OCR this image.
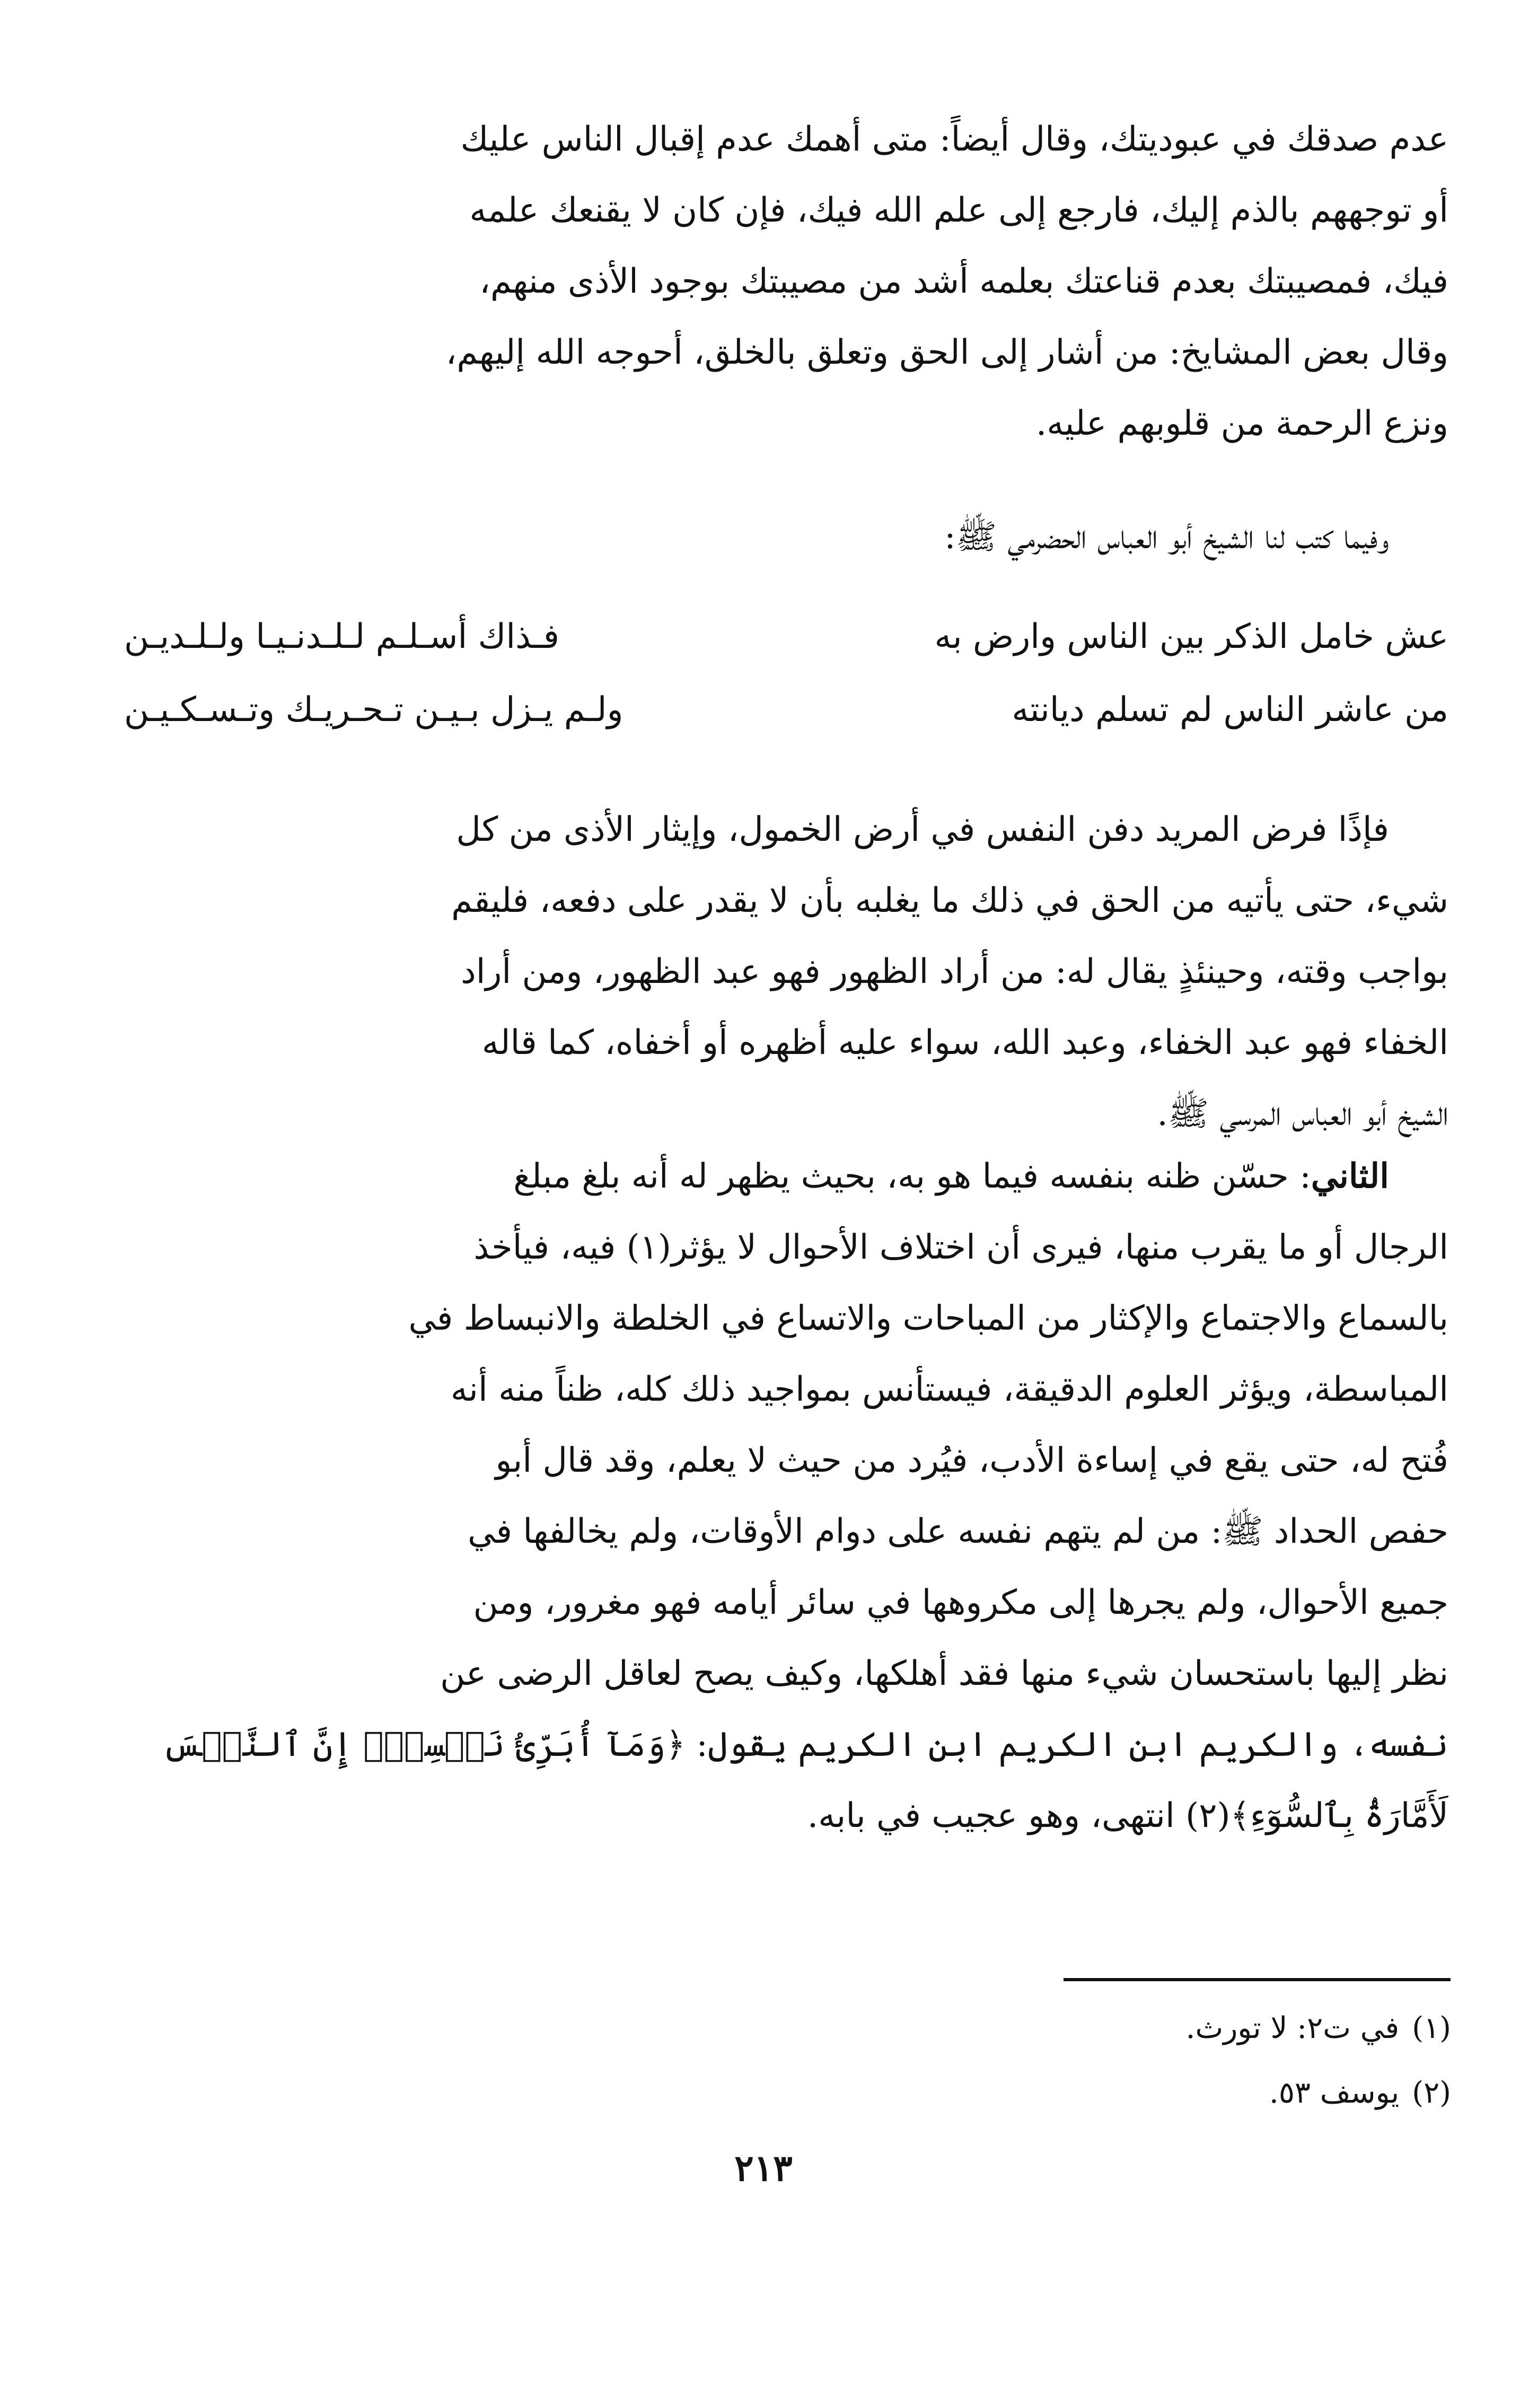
عدم صدقك في عبوديتك، وقال أيضاً: متى أهمك عدم إقبال الناس عليك

أو توجههم بالذم إليك، فارجع إلى علم الله فيك، فإن كان لا يقنعك علمه

فيك، فمصيبتك بعدم قناعتك بعلمه أشد من مصيبتك بوجود الأذى منهم،

وقال بعض المشايخ: من أشار إلى الحق وتعلق بالخلق، أحوجه الله إليهم،

ونزع الرحمة من قلوبهم عليه.

وفيما كتب لنا الشيخ أبو العباس الحضرمي ﷺ:

عش خامل الذكر بين الناس وارض به
فـذاك أسـلـم لـلـدنـيـا ولـلـديـن
من عاشر الناس لم تسلم ديانته
ولـم يـزل بـيـن تـحـريـك وتـسـكـيـن

فإذًا فرض المريد دفن النفس في أرض الخمول، وإيثار الأذى من كل

شيء، حتى يأتيه من الحق في ذلك ما يغلبه بأن لا يقدر على دفعه، فليقم

بواجب وقته، وحينئذٍ يقال له: من أراد الظهور فهو عبد الظهور، ومن أراد

الخفاء فهو عبد الخفاء، وعبد الله، سواء عليه أظهره أو أخفاه، كما قاله

الشيخ أبو العباس المرسي ﷺ.

الثاني: حسّن ظنه بنفسه فيما هو به، بحيث يظهر له أنه بلغ مبلغ

الرجال أو ما يقرب منها، فيرى أن اختلاف الأحوال لا يؤثر(١) فيه، فيأخذ

بالسماع والاجتماع والإكثار من المباحات والاتساع في الخلطة والانبساط في

المباسطة، ويؤثر العلوم الدقيقة، فيستأنس بمواجيد ذلك كله، ظناً منه أنه

فُتح له، حتى يقع في إساءة الأدب، فيُرد من حيث لا يعلم، وقد قال أبو

حفص الحداد ﷺ: من لم يتهم نفسه على دوام الأوقات، ولم يخالفها في

جميع الأحوال، ولم يجرها إلى مكروهها في سائر أيامه فهو مغرور، ومن

نظر إليها باستحسان شيء منها فقد أهلكها، وكيف يصح لعاقل الرضى عن

نفسه، والكريم ابن الكريم ابن الكريم يقول: ﴿وَمَآ أُبَرِّئُ نَفۡسِيٓۚ إِنَّ ٱلنَّفۡسَ

لَأَمَّارَةُۢ بِٱلسُّوٓءِ﴾(٢) انتهى، وهو عجيب في بابه.

(١)في ت٢: لا تورث.
(٢)يوسف ٥٣.
٢١٣
